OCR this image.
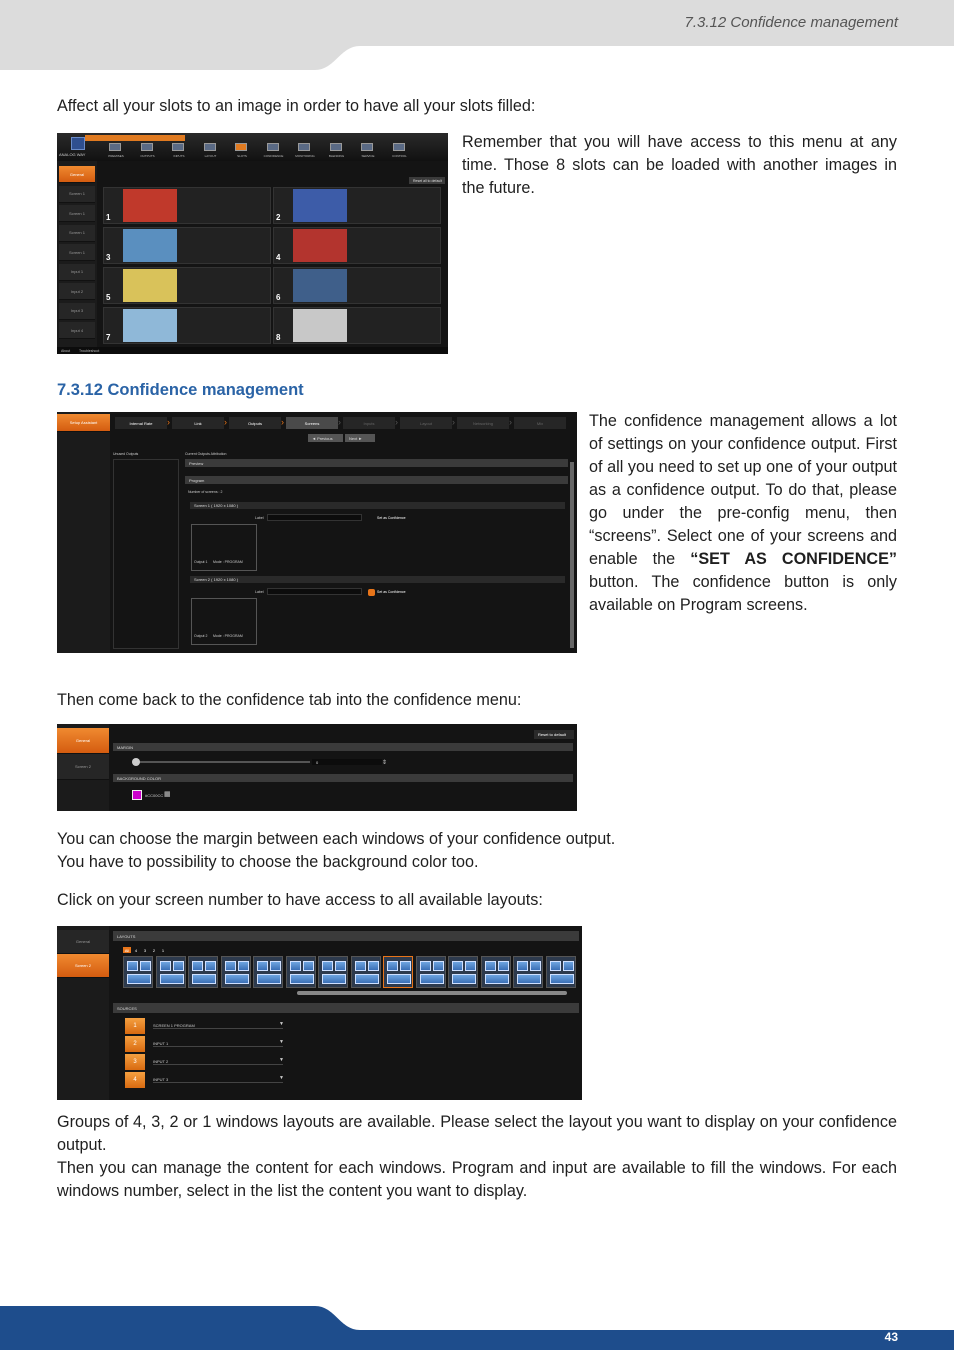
7.3.12 Confidence management

Affect all your slots to an image in order to have all your slots filled:

ANALOG WAY
General
Screen 1
Screen 1
Screen 1
Screen 1
Input 1
Input 2
Input 3
Input 4
Reset all to default
About	Troubleshoot
PREMISES	OUTPUTS	INPUTS	LAYOUT	SLOTS	CONFIDENCE	MONITORING	BLENDING	SERVICE	CONTROL
1	2
3	4
5	6
7	8

Remember that you will have access to this menu at any time. Those 8 slots can be loaded with another images in the future.

7.3.12 Confidence management
Setup Assistant
◄ Previous	Next ►
Unused Outputs	Current Outputs Attribution
Preview
Program
Number of screens : 2
Screen 1 ( 1920 x 1080 )
Label	Set as Confidence
Output 1 Mode : PROGRAM
Screen 2 ( 1920 x 1080 )
Label	Set as Confidence
Output 2 Mode : PROGRAM
Internal Rate	›	Link	›	Outputs	›	Screens	›	Inputs	›	Layout	›	Networking	›	Mix	The confidence management allows a lot of settings on your confidence output. First of all you need to set up one of your output as a confidence output. To do that, please go under the pre-config menu, then “screens”. Select one of your screens and enable the “SET AS CONFIDENCE” button. The confidence button is only available on Program screens.

Then come back to the confidence tab into the confidence menu:

General
Screen 2
Reset to default
MARGIN
0	⇕
BACKGROUND COLOR
#CC00CC ▦

You can choose the margin between each windows of your confidence output.

You have to possibility to choose the background color too.

Click on your screen number to have access to all available layouts:

General
Screen 2
LAYOUTS
SOURCES
1	SCREEN 1 PROGRAM	▼
2	INPUT 1	▼
3	INPUT 2	▼
4	INPUT 3	▼
All	4	3	2	1

Groups of 4, 3, 2 or 1 windows layouts are available. Please select the layout you want to display on your confidence output.

Then you can manage the content for each windows. Program and input are available to fill the windows. For each windows number, select in the list the content you want to display.

43
